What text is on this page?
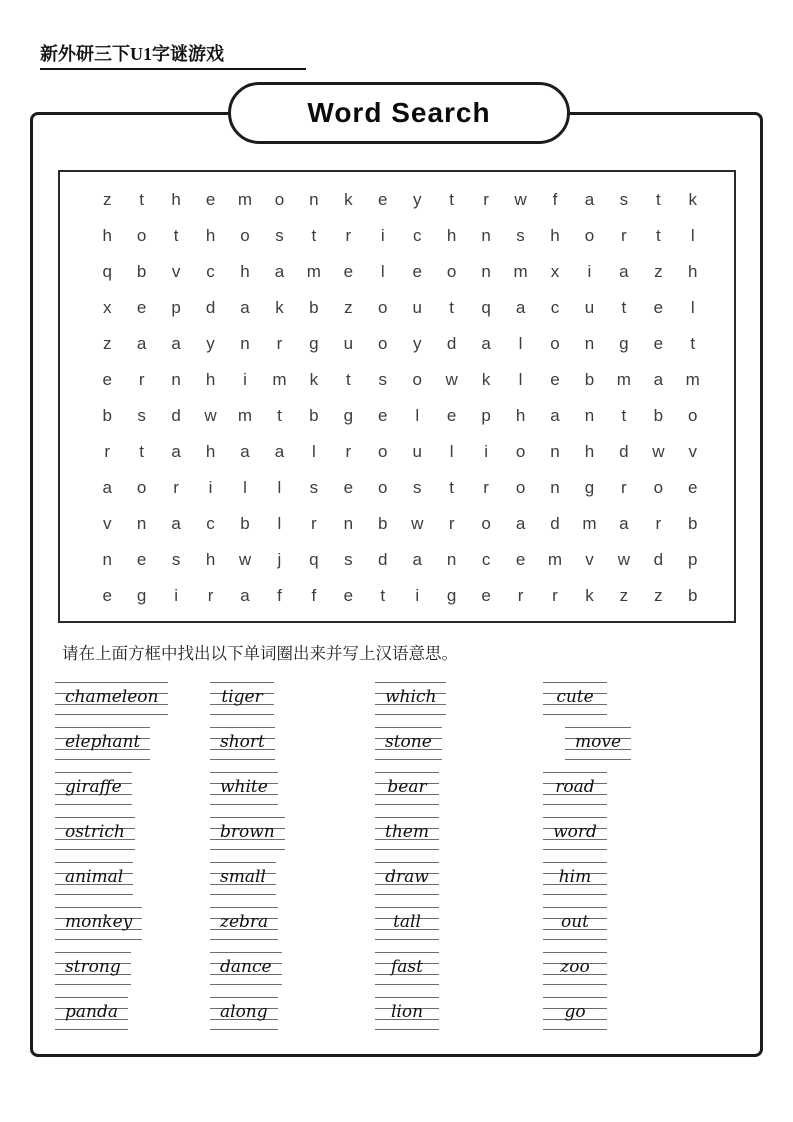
新外研三下U1字谜游戏
Word Search
z t h e m o n k e y t r w f a s t k
h o t h o s t r i c h n s h o r t l
q b v c h a m e l e o n m x i a z h
x e p d a k b z o u t q a c u t e l
z a a y n r g u o y d a l o n g e t
e r n h i m k t s o w k l e b m a m
b s d w m t b g e l e p h a n t b o
r t a h a a l r o u l i o n h d w v
a o r i l l s e o s t r o n g r o e
v n a c b l r n b w r o a d m a r b
n e s h w j q s d a n c e m v w d p
e g i r a f f e t i g e r r k z z b
请在上面方框中找出以下单词圈出来并写上汉语意思。
chameleon
elephant
giraffe
ostrich
animal
monkey
strong
panda
tiger
short
white
brown
small
zebra
dance
along
which
stone
bear
them
draw
tall
fast
lion
cute
move
road
word
him
out
zoo
go
